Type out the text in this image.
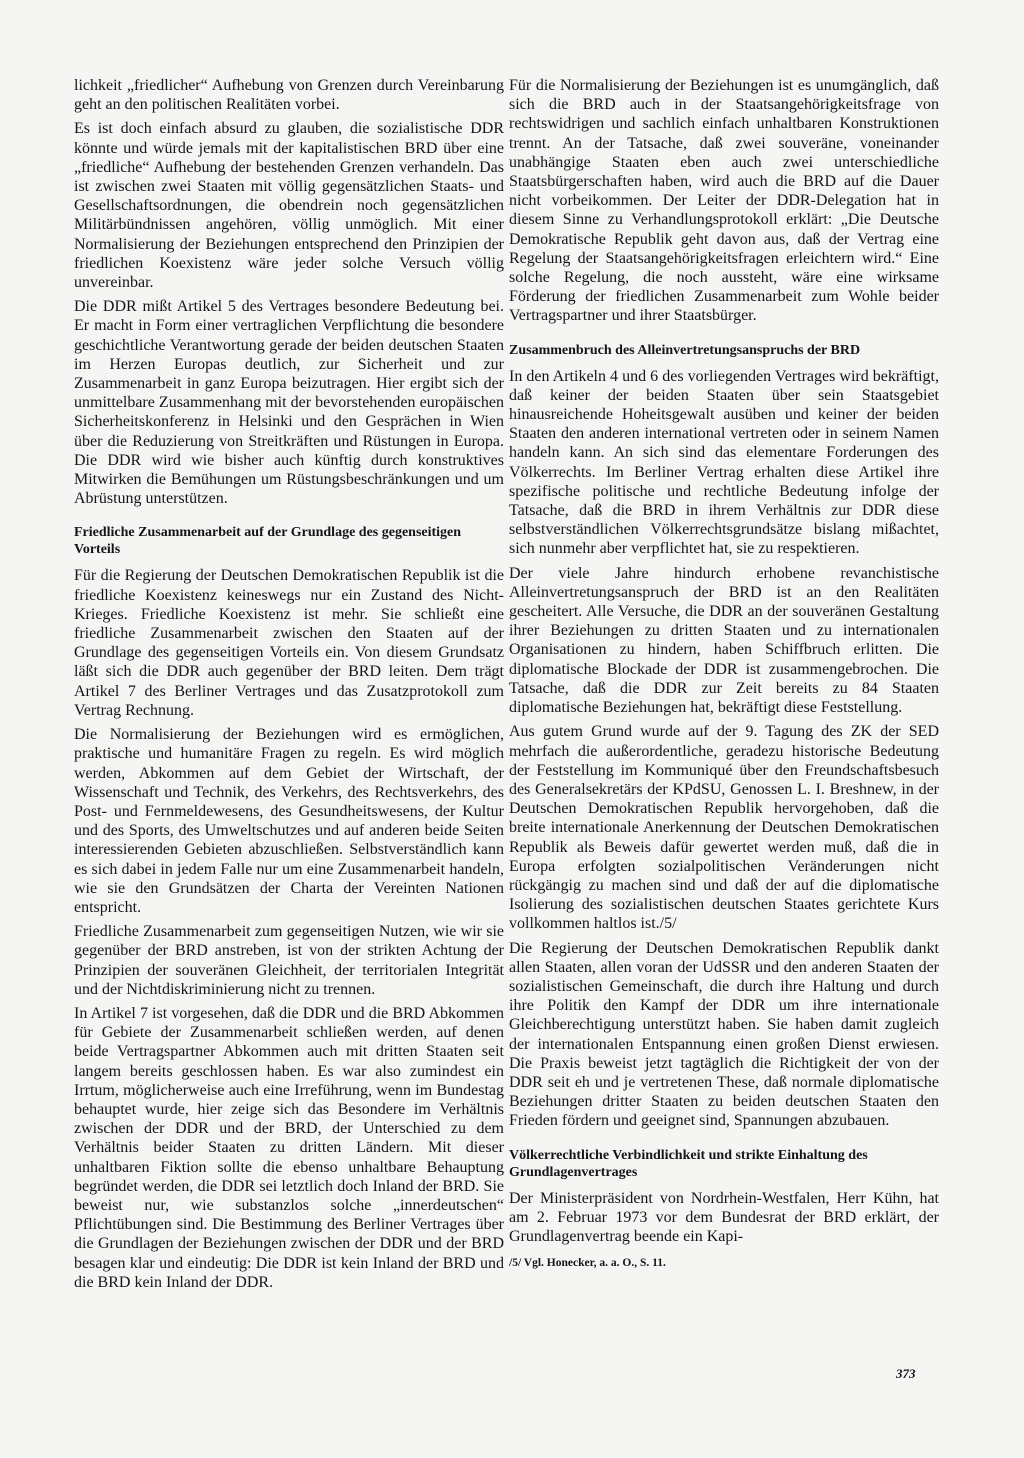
lichkeit „friedlicher“ Aufhebung von Grenzen durch Vereinbarung geht an den politischen Realitäten vorbei.

Es ist doch einfach absurd zu glauben, die sozialistische DDR könnte und würde jemals mit der kapitalistischen BRD über eine „friedliche“ Aufhebung der bestehenden Grenzen verhandeln. Das ist zwischen zwei Staaten mit völlig gegensätzlichen Staats- und Gesellschaftsordnungen, die obendrein noch gegensätzlichen Militärbündnissen angehören, völlig unmöglich. Mit einer Normalisierung der Beziehungen entsprechend den Prinzipien der friedlichen Koexistenz wäre jeder solche Versuch völlig unvereinbar.

Die DDR mißt Artikel 5 des Vertrages besondere Bedeutung bei. Er macht in Form einer vertraglichen Verpflichtung die besondere geschichtliche Verantwortung gerade der beiden deutschen Staaten im Herzen Europas deutlich, zur Sicherheit und zur Zusammenarbeit in ganz Europa beizutragen. Hier ergibt sich der unmittelbare Zusammenhang mit der bevorstehenden europäischen Sicherheitskonferenz in Helsinki und den Gesprächen in Wien über die Reduzierung von Streitkräften und Rüstungen in Europa. Die DDR wird wie bisher auch künftig durch konstruktives Mitwirken die Bemühungen um Rüstungsbeschränkungen und um Abrüstung unterstützen.

Friedliche Zusammenarbeit auf der Grundlage des gegenseitigen Vorteils

Für die Regierung der Deutschen Demokratischen Republik ist die friedliche Koexistenz keineswegs nur ein Zustand des Nicht-Krieges. Friedliche Koexistenz ist mehr. Sie schließt eine friedliche Zusammenarbeit zwischen den Staaten auf der Grundlage des gegenseitigen Vorteils ein. Von diesem Grundsatz läßt sich die DDR auch gegenüber der BRD leiten. Dem trägt Artikel 7 des Berliner Vertrages und das Zusatzprotokoll zum Vertrag Rechnung.

Die Normalisierung der Beziehungen wird es ermöglichen, praktische und humanitäre Fragen zu regeln. Es wird möglich werden, Abkommen auf dem Gebiet der Wirtschaft, der Wissenschaft und Technik, des Verkehrs, des Rechtsverkehrs, des Post- und Fernmeldewesens, des Gesundheitswesens, der Kultur und des Sports, des Umweltschutzes und auf anderen beide Seiten interessierenden Gebieten abzuschließen. Selbstverständlich kann es sich dabei in jedem Falle nur um eine Zusammenarbeit handeln, wie sie den Grundsätzen der Charta der Vereinten Nationen entspricht.

Friedliche Zusammenarbeit zum gegenseitigen Nutzen, wie wir sie gegenüber der BRD anstreben, ist von der strikten Achtung der Prinzipien der souveränen Gleichheit, der territorialen Integrität und der Nichtdiskriminierung nicht zu trennen.

In Artikel 7 ist vorgesehen, daß die DDR und die BRD Abkommen für Gebiete der Zusammenarbeit schließen werden, auf denen beide Vertragspartner Abkommen auch mit dritten Staaten seit langem bereits geschlossen haben. Es war also zumindest ein Irrtum, möglicherweise auch eine Irreführung, wenn im Bundestag behauptet wurde, hier zeige sich das Besondere im Verhältnis zwischen der DDR und der BRD, der Unterschied zu dem Verhältnis beider Staaten zu dritten Ländern. Mit dieser unhaltbaren Fiktion sollte die ebenso unhaltbare Behauptung begründet werden, die DDR sei letztlich doch Inland der BRD. Sie beweist nur, wie substanzlos solche „innerdeutschen“ Pflichtübungen sind. Die Bestimmung des Berliner Vertrages über die Grundlagen der Beziehungen zwischen der DDR und der BRD besagen klar und eindeutig: Die DDR ist kein Inland der BRD und die BRD kein Inland der DDR.

Für die Normalisierung der Beziehungen ist es unumgänglich, daß sich die BRD auch in der Staatsangehörigkeitsfrage von rechtswidrigen und sachlich einfach unhaltbaren Konstruktionen trennt. An der Tatsache, daß zwei souveräne, voneinander unabhängige Staaten eben auch zwei unterschiedliche Staatsbürgerschaften haben, wird auch die BRD auf die Dauer nicht vorbeikommen. Der Leiter der DDR-Delegation hat in diesem Sinne zu Verhandlungsprotokoll erklärt: „Die Deutsche Demokratische Republik geht davon aus, daß der Vertrag eine Regelung der Staatsangehörigkeitsfragen erleichtern wird.“ Eine solche Regelung, die noch aussteht, wäre eine wirksame Förderung der friedlichen Zusammenarbeit zum Wohle beider Vertragspartner und ihrer Staatsbürger.

Zusammenbruch des Alleinvertretungsanspruchs der BRD

In den Artikeln 4 und 6 des vorliegenden Vertrages wird bekräftigt, daß keiner der beiden Staaten über sein Staatsgebiet hinausreichende Hoheitsgewalt ausüben und keiner der beiden Staaten den anderen international vertreten oder in seinem Namen handeln kann. An sich sind das elementare Forderungen des Völkerrechts. Im Berliner Vertrag erhalten diese Artikel ihre spezifische politische und rechtliche Bedeutung infolge der Tatsache, daß die BRD in ihrem Verhältnis zur DDR diese selbstverständlichen Völkerrechtsgrundsätze bislang mißachtet, sich nunmehr aber verpflichtet hat, sie zu respektieren.

Der viele Jahre hindurch erhobene revanchistische Alleinvertretungsanspruch der BRD ist an den Realitäten gescheitert. Alle Versuche, die DDR an der souveränen Gestaltung ihrer Beziehungen zu dritten Staaten und zu internationalen Organisationen zu hindern, haben Schiffbruch erlitten. Die diplomatische Blockade der DDR ist zusammengebrochen. Die Tatsache, daß die DDR zur Zeit bereits zu 84 Staaten diplomatische Beziehungen hat, bekräftigt diese Feststellung.

Aus gutem Grund wurde auf der 9. Tagung des ZK der SED mehrfach die außerordentliche, geradezu historische Bedeutung der Feststellung im Kommuniqué über den Freundschaftsbesuch des Generalsekretärs der KPdSU, Genossen L. I. Breshnew, in der Deutschen Demokratischen Republik hervorgehoben, daß die breite internationale Anerkennung der Deutschen Demokratischen Republik als Beweis dafür gewertet werden muß, daß die in Europa erfolgten sozialpolitischen Veränderungen nicht rückgängig zu machen sind und daß der auf die diplomatische Isolierung des sozialistischen deutschen Staates gerichtete Kurs vollkommen haltlos ist./5/

Die Regierung der Deutschen Demokratischen Republik dankt allen Staaten, allen voran der UdSSR und den anderen Staaten der sozialistischen Gemeinschaft, die durch ihre Haltung und durch ihre Politik den Kampf der DDR um ihre internationale Gleichberechtigung unterstützt haben. Sie haben damit zugleich der internationalen Entspannung einen großen Dienst erwiesen. Die Praxis beweist jetzt tagtäglich die Richtigkeit der von der DDR seit eh und je vertretenen These, daß normale diplomatische Beziehungen dritter Staaten zu beiden deutschen Staaten den Frieden fördern und geeignet sind, Spannungen abzubauen.

Völkerrechtliche Verbindlichkeit und strikte Einhaltung des Grundlagenvertrages

Der Ministerpräsident von Nordrhein-Westfalen, Herr Kühn, hat am 2. Februar 1973 vor dem Bundesrat der BRD erklärt, der Grundlagenvertrag beende ein Kapi-

/5/ Vgl. Honecker, a. a. O., S. 11.
373
